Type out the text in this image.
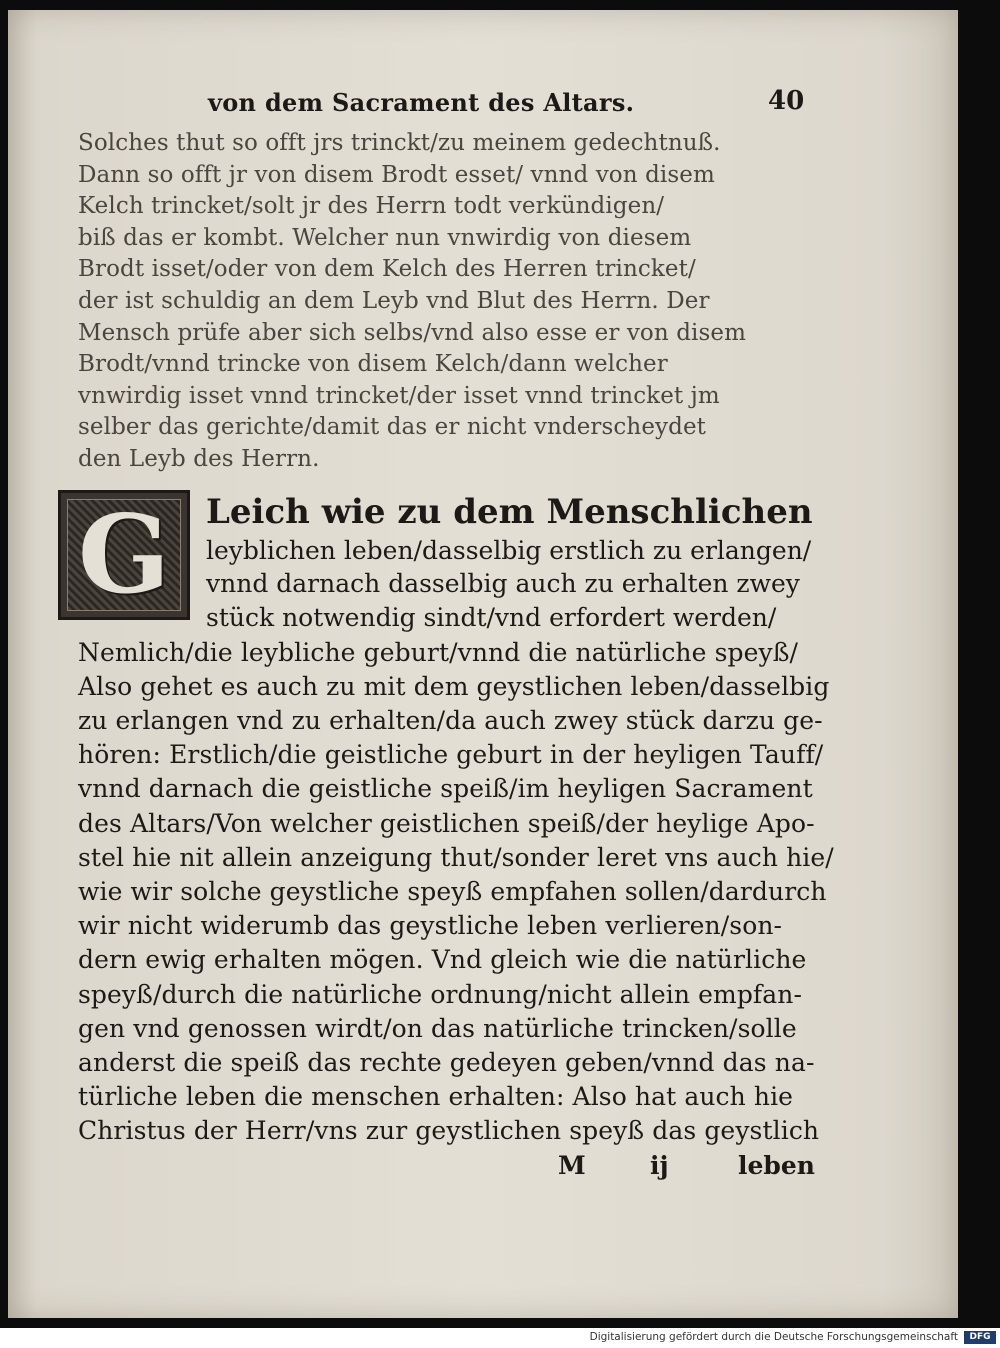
von dem Sacrament des Altars.	40
Solches thut so offt jrs trinckt/zu meinem gedechtnuß.
Dann so offt jr von disem Brodt esset/ vnnd von disem
Kelch trincket/solt jr des Herrn todt verkündigen/
biß das er kombt. Welcher nun vnwirdig von diesem
Brodt isset/oder von dem Kelch des Herren trincket/
der ist schuldig an dem Leyb vnd Blut des Herrn. Der
Mensch prüfe aber sich selbs/vnd also esse er von disem
Brodt/vnnd trincke von disem Kelch/dann welcher
vnwirdig isset vnnd trincket/der isset vnnd trincket jm
selber das gerichte/damit das er nicht vnderscheydet
den Leyb des Herrn.
G	Leich wie zu dem Menschlichen
leyblichen leben/dasselbig erstlich zu erlangen/
vnnd darnach dasselbig auch zu erhalten zwey
stück notwendig sindt/vnd erfordert werden/
Nemlich/die leybliche geburt/vnnd die natürliche speyß/
Also gehet es auch zu mit dem geystlichen leben/dasselbig
zu erlangen vnd zu erhalten/da auch zwey stück darzu ge-
hören: Erstlich/die geistliche geburt in der heyligen Tauff/
vnnd darnach die geistliche speiß/im heyligen Sacrament
des Altars/Von welcher geistlichen speiß/der heylige Apo-
stel hie nit allein anzeigung thut/sonder leret vns auch hie/
wie wir solche geystliche speyß empfahen sollen/dardurch
wir nicht widerumb das geystliche leben verlieren/son-
dern ewig erhalten mögen. Vnd gleich wie die natürliche
speyß/durch die natürliche ordnung/nicht allein empfan-
gen vnd genossen wirdt/on das natürliche trincken/solle
anderst die speiß das rechte gedeyen geben/vnnd das na-
türliche leben die menschen erhalten: Also hat auch hie
Christus der Herr/vns zur geystlichen speyß das geystlich
M	ij	leben
Digitalisierung gefördert durch die Deutsche Forschungsgemeinschaft	DFG
